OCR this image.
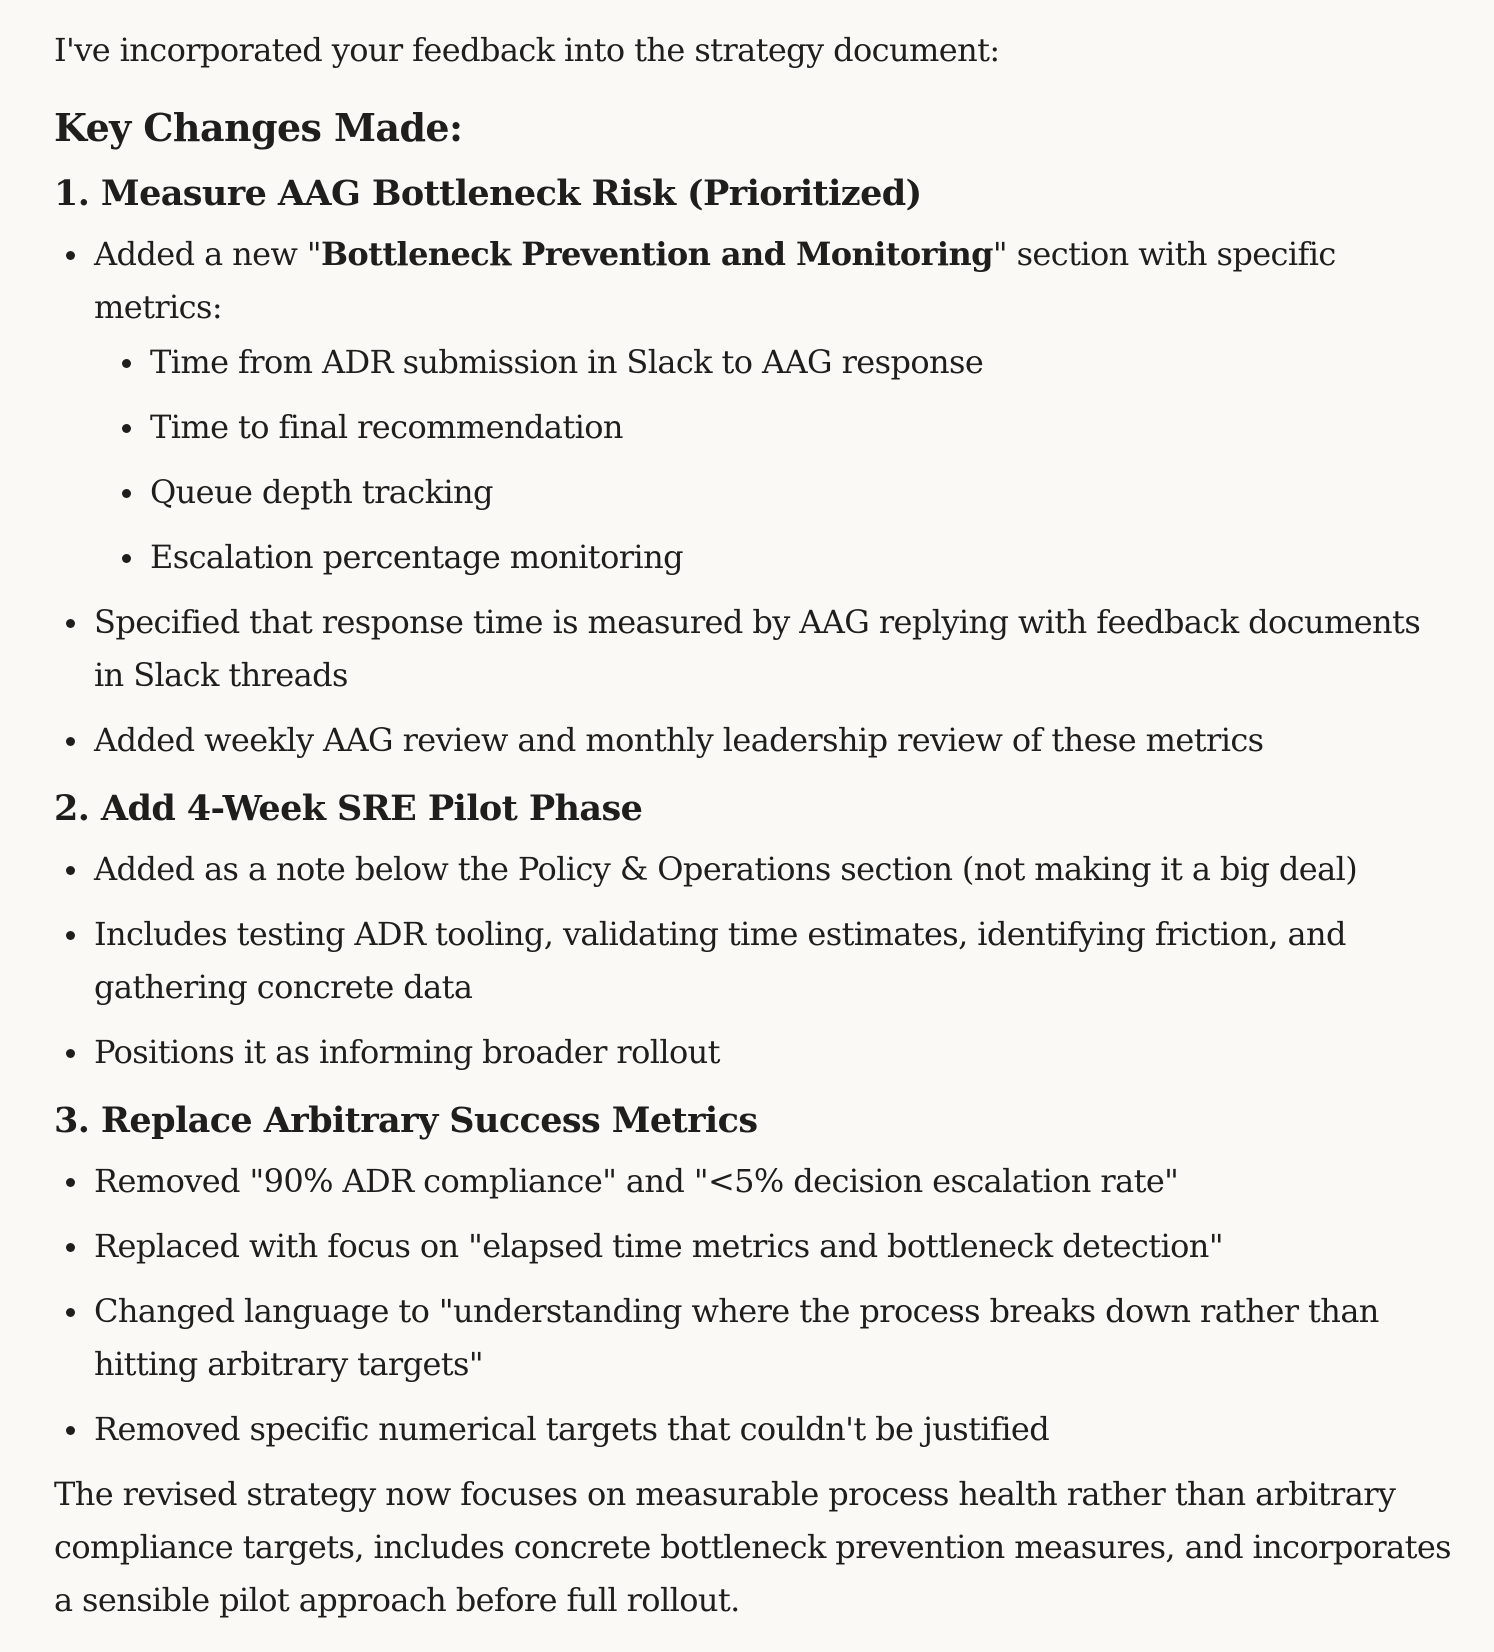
I've incorporated your feedback into the strategy document:

Key Changes Made:
1. Measure AAG Bottleneck Risk (Prioritized)
Added a new "Bottleneck Prevention and Monitoring" section with specific metrics:
Time from ADR submission in Slack to AAG response
Time to final recommendation
Queue depth tracking
Escalation percentage monitoring
Specified that response time is measured by AAG replying with feedback documents in Slack threads
Added weekly AAG review and monthly leadership review of these metrics
2. Add 4-Week SRE Pilot Phase
Added as a note below the Policy & Operations section (not making it a big deal)
Includes testing ADR tooling, validating time estimates, identifying friction, and gathering concrete data
Positions it as informing broader rollout
3. Replace Arbitrary Success Metrics
Removed "90% ADR compliance" and "<5% decision escalation rate"
Replaced with focus on "elapsed time metrics and bottleneck detection"
Changed language to "understanding where the process breaks down rather than hitting arbitrary targets"
Removed specific numerical targets that couldn't be justified

The revised strategy now focuses on measurable process health rather than arbitrary compliance targets, includes concrete bottleneck prevention measures, and incorporates a sensible pilot approach before full rollout.
